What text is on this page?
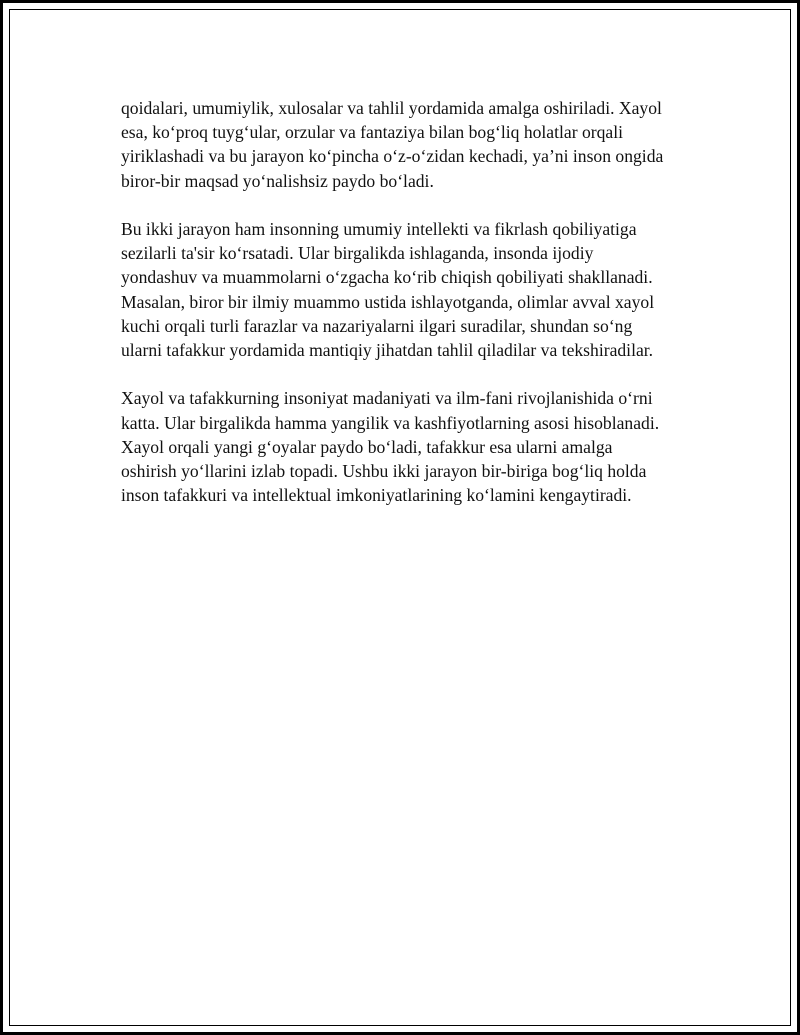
qoidalari, umumiylik, xulosalar va tahlil yordamida amalga oshiriladi. Xayol
esa, ko‘proq tuyg‘ular, orzular va fantaziya bilan bog‘liq holatlar orqali
yiriklashadi va bu jarayon ko‘pincha o‘z-o‘zidan kechadi, ya’ni inson ongida
biror-bir maqsad yo‘nalishsiz paydo bo‘ladi.

Bu ikki jarayon ham insonning umumiy intellekti va fikrlash qobiliyatiga
sezilarli ta'sir ko‘rsatadi. Ular birgalikda ishlaganda, insonda ijodiy
yondashuv va muammolarni o‘zgacha ko‘rib chiqish qobiliyati shakllanadi.
Masalan, biror bir ilmiy muammo ustida ishlayotganda, olimlar avval xayol
kuchi orqali turli farazlar va nazariyalarni ilgari suradilar, shundan so‘ng
ularni tafakkur yordamida mantiqiy jihatdan tahlil qiladilar va tekshiradilar.

Xayol va tafakkurning insoniyat madaniyati va ilm-fani rivojlanishida o‘rni
katta. Ular birgalikda hamma yangilik va kashfiyotlarning asosi hisoblanadi.
Xayol orqali yangi g‘oyalar paydo bo‘ladi, tafakkur esa ularni amalga
oshirish yo‘llarini izlab topadi. Ushbu ikki jarayon bir-biriga bog‘liq holda
inson tafakkuri va intellektual imkoniyatlarining ko‘lamini kengaytiradi.
